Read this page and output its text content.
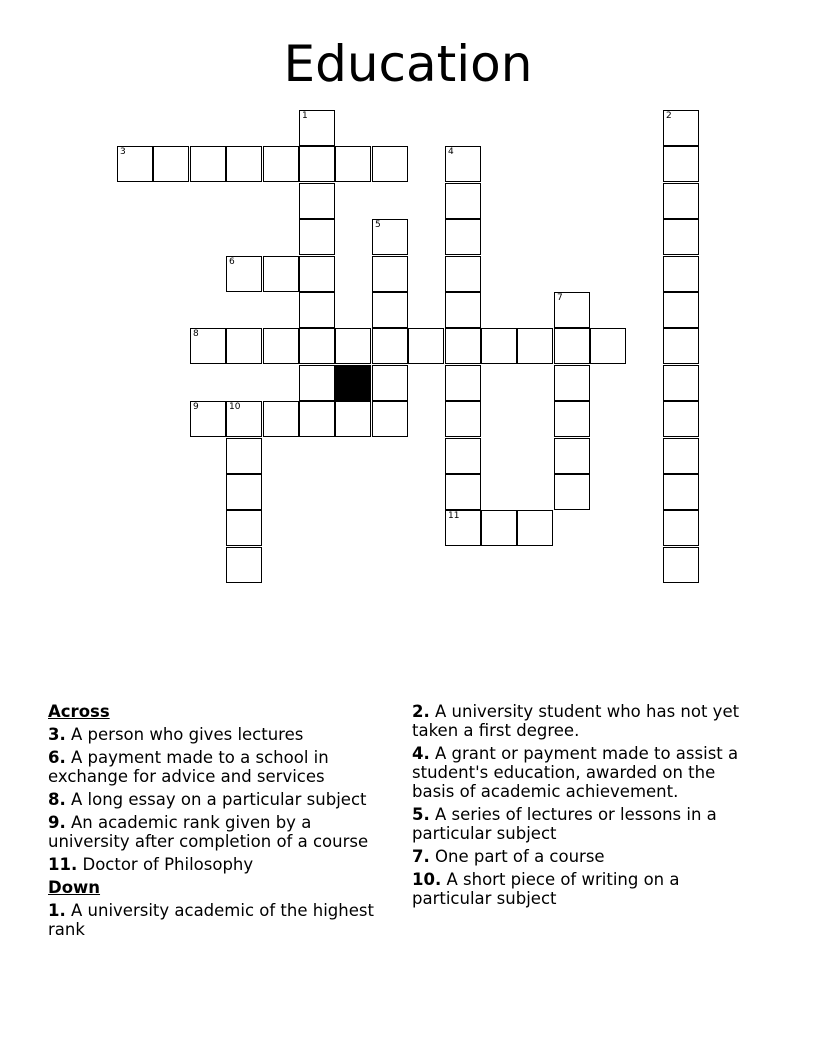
Education
1	2
3	4
11
5
6
7
8
9	10
Across
3. A person who gives lectures
6. A payment made to a school in exchange for advice and services
8. A long essay on a particular subject
9. An academic rank given by a university after completion of a course
11. Doctor of Philosophy
Down
1. A university academic of the highest rank
2. A university student who has not yet taken a first degree.
4. A grant or payment made to assist a student's education, awarded on the basis of academic achievement.
5. A series of lectures or lessons in a particular subject
7. One part of a course
10. A short piece of writing on a particular subject
